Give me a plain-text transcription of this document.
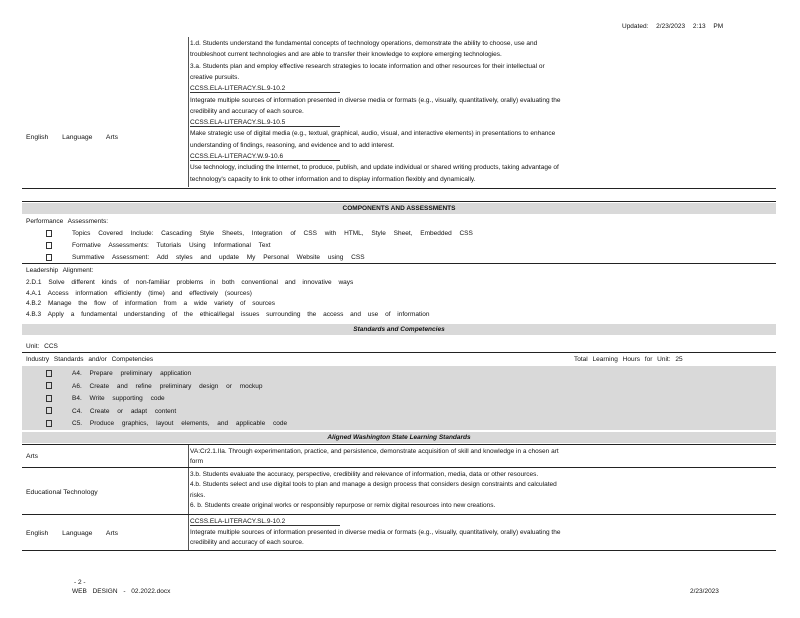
Updated: 2/23/2023 2:13 PM
English Language Arts
1.d. Students understand the fundamental concepts of technology operations, demonstrate the ability to choose, use and
troubleshoot current technologies and are able to transfer their knowledge to explore emerging technologies.
3.a. Students plan and employ effective research strategies to locate information and other resources for their intellectual or
creative pursuits.
CCSS.ELA-LITERACY.SL.9-10.2
Integrate multiple sources of information presented in diverse media or formats (e.g., visually, quantitatively, orally) evaluating the
credibility and accuracy of each source.
CCSS.ELA-LITERACY.SL.9-10.5
Make strategic use of digital media (e.g., textual, graphical, audio, visual, and interactive elements) in presentations to enhance
understanding of findings, reasoning, and evidence and to add interest.
CCSS.ELA-LITERACY.W.9-10.6
Use technology, including the Internet, to produce, publish, and update individual or shared writing products, taking advantage of
technology's capacity to link to other information and to display information flexibly and dynamically.
COMPONENTS AND ASSESSMENTS
Performance Assessments:
Topics Covered Include: Cascading Style Sheets, Integration of CSS with HTML, Style Sheet, Embedded CSS
Formative Assessments: Tutorials Using Informational Text
Summative Assessment: Add styles and update My Personal Website using CSS
Leadership Alignment:
2.D.1 Solve different kinds of non-familiar problems in both conventional and innovative ways
4.A.1 Access information efficiently (time) and effectively (sources)
4.B.2 Manage the flow of information from a wide variety of sources
4.B.3 Apply a fundamental understanding of the ethical/legal issues surrounding the access and use of information
Standards and Competencies
Unit: CCS
Industry Standards and/or Competencies	Total Learning Hours for Unit: 25
A4. Prepare preliminary application
A6. Create and refine preliminary design or mockup
B4. Write supporting code
C4. Create or adapt content
C5. Produce graphics, layout elements, and applicable code
Aligned Washington State Learning Standards
Arts
VA:Cr2.1.IIa. Through experimentation, practice, and persistence, demonstrate acquisition of skill and knowledge in a chosen art
form
Educational Technology
3.b. Students evaluate the accuracy, perspective, credibility and relevance of information, media, data or other resources.
4.b. Students select and use digital tools to plan and manage a design process that considers design constraints and calculated
risks.
6. b. Students create original works or responsibly repurpose or remix digital resources into new creations.
English Language Arts
CCSS.ELA-LITERACY.SL.9-10.2
Integrate multiple sources of information presented in diverse media or formats (e.g., visually, quantitatively, orally) evaluating the
credibility and accuracy of each source.
- 2 -
WEB DESIGN - 02.2022.docx	2/23/2023
